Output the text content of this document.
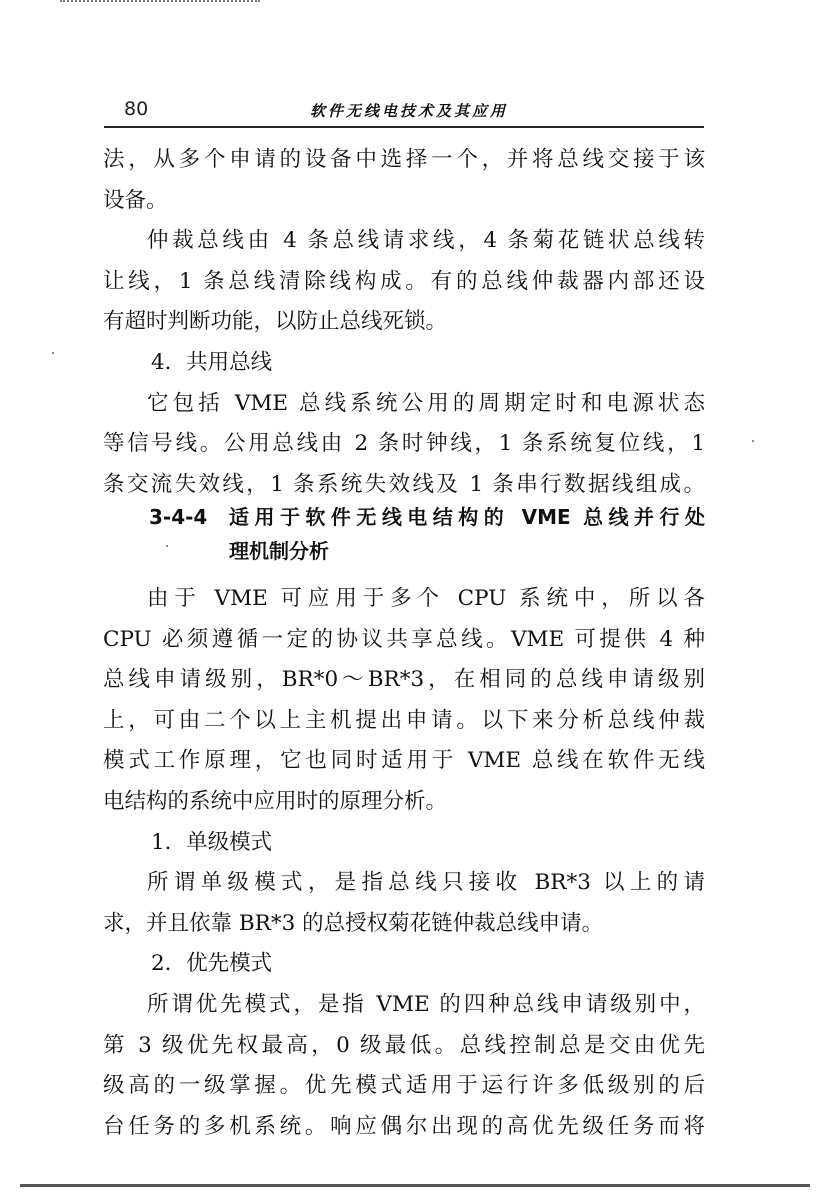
80	软件无线电技术及其应用
法，从多个申请的设备中选择一个，并将总线交接于该
设备。
仲裁总线由 4 条总线请求线，4 条菊花链状总线转
让线，1 条总线清除线构成。有的总线仲裁器内部还设
有超时判断功能，以防止总线死锁。
4．共用总线
它包括 VME 总线系统公用的周期定时和电源状态
等信号线。公用总线由 2 条时钟线，1 条系统复位线，1
条交流失效线，1 条系统失效线及 1 条串行数据线组成。
3-4-4 适用于软件无线电结构的 VME 总线并行处
理机制分析
由于 VME 可应用于多个 CPU 系统中，所以各
CPU 必须遵循一定的协议共享总线。VME 可提供 4 种
总线申请级别，BR*0～BR*3，在相同的总线申请级别
上，可由二个以上主机提出申请。以下来分析总线仲裁
模式工作原理，它也同时适用于 VME 总线在软件无线
电结构的系统中应用时的原理分析。
1．单级模式
所谓单级模式，是指总线只接收 BR*3 以上的请
求，并且依靠 BR*3 的总授权菊花链仲裁总线申请。
2．优先模式
所谓优先模式，是指 VME 的四种总线申请级别中，
第 3 级优先权最高，0 级最低。总线控制总是交由优先
级高的一级掌握。优先模式适用于运行许多低级别的后
台任务的多机系统。响应偶尔出现的高优先级任务而将
